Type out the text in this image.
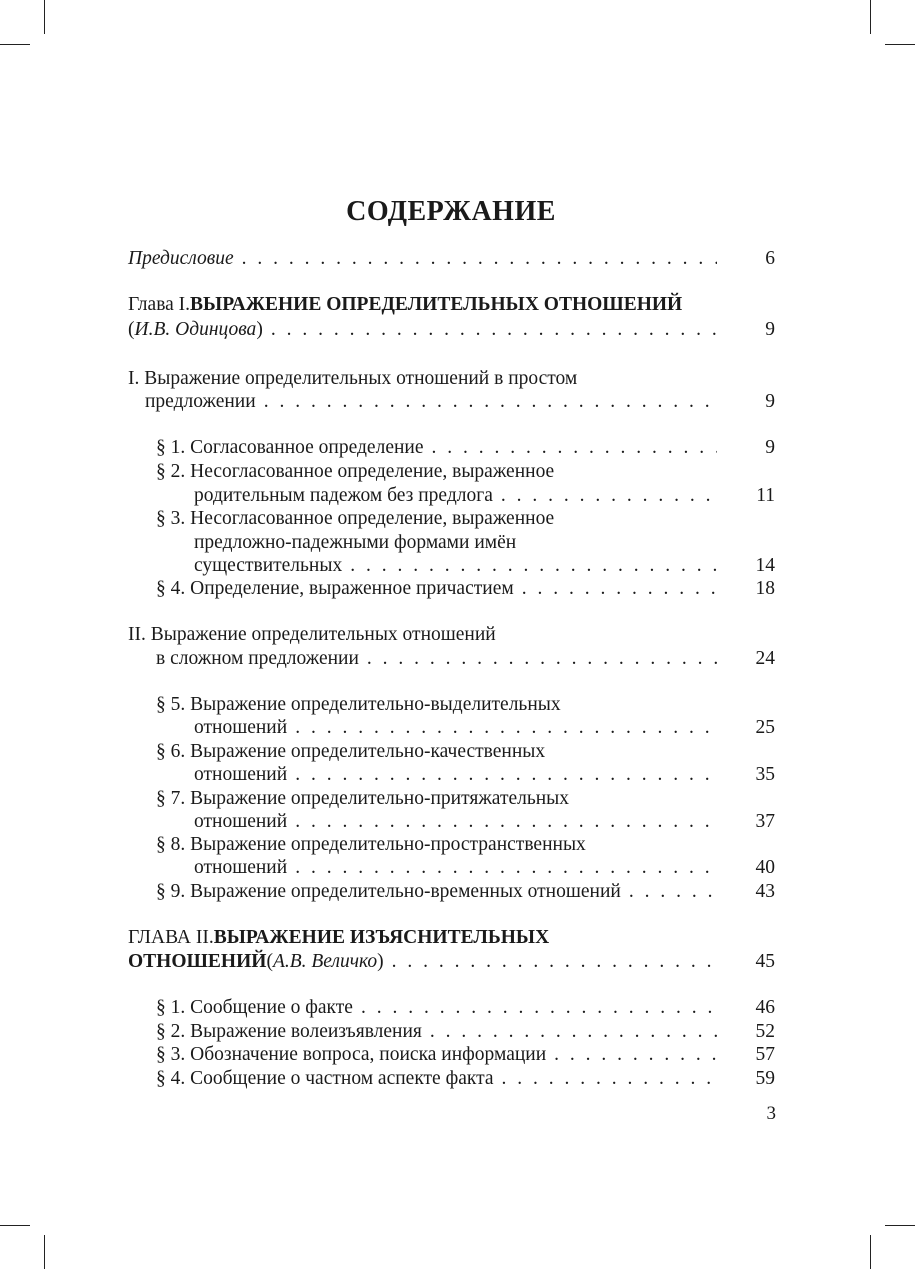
СОДЕРЖАНИЕ
Предисловие . . .	6
Глава I. ВЫРАЖЕНИЕ ОПРЕДЕЛИТЕЛЬНЫХ ОТНОШЕНИЙ
( И.В. Одинцова ) . . .	9
I. Выражение определительных отношений в простом
предложении . . .	9
§ 1. Согласованное определение . . .	9
§ 2. Несогласованное определение, выраженное
родительным падежом без предлога . . .	11
§ 3. Несогласованное определение, выраженное
предложно-падежными формами имён
существительных . . .	14
§ 4. Определение, выраженное причастием . . .	18
II. Выражение определительных отношений
в сложном предложении . . .	24
§ 5. Выражение определительно-выделительных
отношений . . .	25
§ 6. Выражение определительно-качественных
отношений . . .	35
§ 7. Выражение определительно-притяжательных
отношений . . .	37
§ 8. Выражение определительно-пространственных
отношений . . .	40
§ 9. Выражение определительно-временных отношений . . .	43
ГЛАВА II. ВЫРАЖЕНИЕ ИЗЪЯСНИТЕЛЬНЫХ
ОТНОШЕНИЙ ( А.В. Величко ) . . .	45
§ 1. Сообщение о факте . . .	46
§ 2. Выражение волеизъявления . . .	52
§ 3. Обозначение вопроса, поиска информации . . .	57
§ 4. Сообщение о частном аспекте факта . . .	59
3
